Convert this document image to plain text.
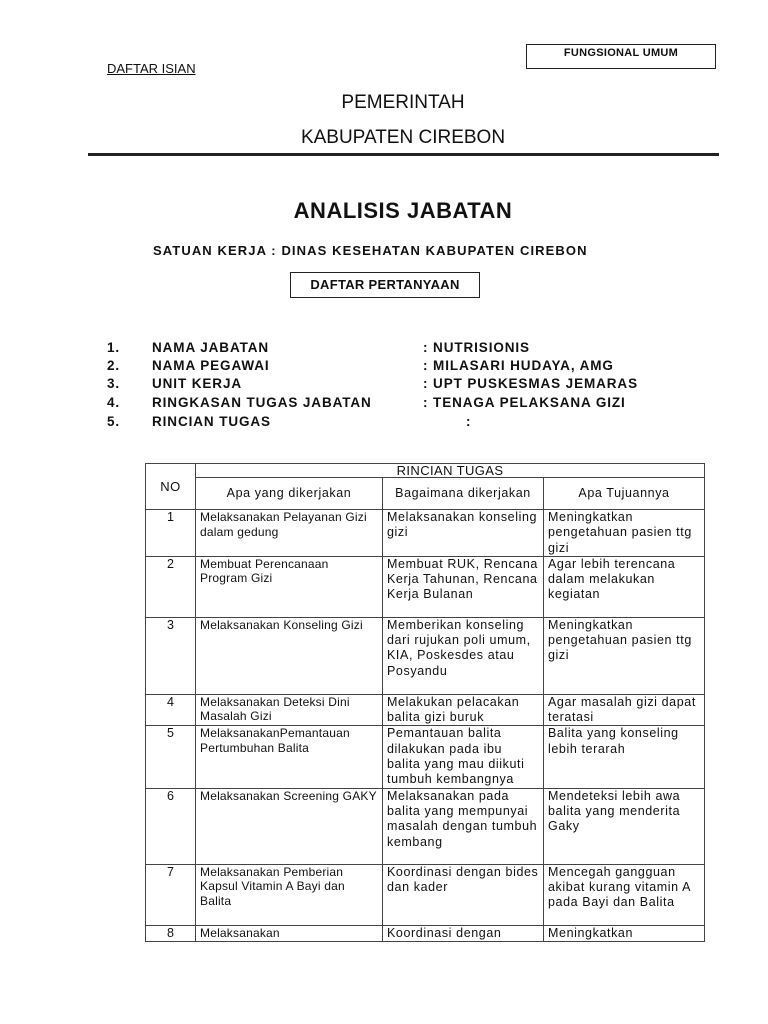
FUNGSIONAL UMUM
DAFTAR ISIAN
PEMERINTAH
KABUPATEN CIREBON
ANALISIS JABATAN
SATUAN KERJA : DINAS KESEHATAN KABUPATEN CIREBON
DAFTAR PERTANYAAN
1. NAMA JABATAN	: NUTRISIONIS
2. NAMA PEGAWAI	: MILASARI HUDAYA, AMG
3. UNIT KERJA	: UPT PUSKESMAS JEMARAS
4. RINGKASAN TUGAS JABATAN	: TENAGA PELAKSANA GIZI
5. RINCIAN TUGAS	:
NO	RINCIAN TUGAS		
	Apa yang dikerjakan	Bagaimana dikerjakan	Apa Tujuannya
1	Melaksanakan Pelayanan Gizi dalam gedung	Melaksanakan konseling gizi	Meningkatkan pengetahuan pasien ttg gizi
2	Membuat Perencanaan Program Gizi	Membuat RUK, Rencana Kerja Tahunan, Rencana Kerja Bulanan	Agar lebih terencana dalam melakukan kegiatan
3	Melaksanakan Konseling Gizi	Memberikan konseling dari rujukan poli umum, KIA, Poskesdes atau Posyandu	Meningkatkan pengetahuan pasien ttg gizi
4	Melaksanakan Deteksi Dini Masalah Gizi	Melakukan pelacakan balita gizi buruk	Agar masalah gizi dapat teratasi
5	MelaksanakanPemantauan Pertumbuhan Balita	Pemantauan balita dilakukan pada ibu balita yang mau diikuti tumbuh kembangnya	Balita yang konseling lebih terarah
6	Melaksanakan Screening GAKY	Melaksanakan pada balita yang mempunyai masalah dengan tumbuh kembang	Mendeteksi lebih awa balita yang menderita Gaky
7	Melaksanakan Pemberian Kapsul Vitamin A Bayi dan Balita	Koordinasi dengan bides dan kader	Mencegah gangguan akibat kurang vitamin A pada Bayi dan Balita
8	Melaksanakan	Koordinasi dengan	Meningkatkan
